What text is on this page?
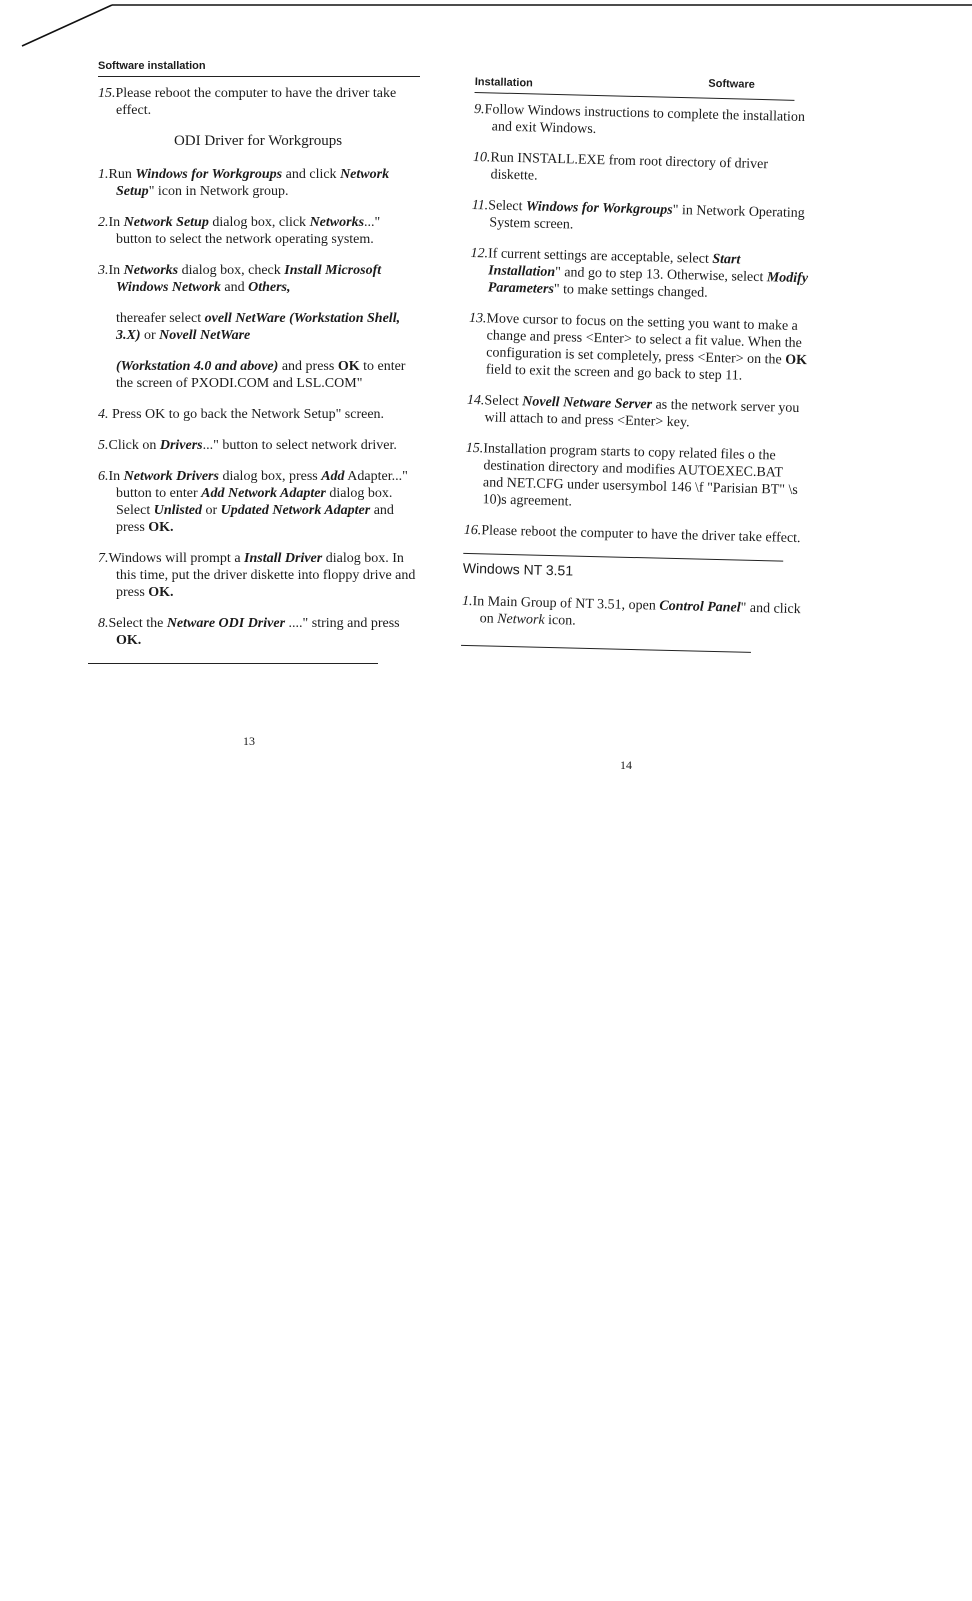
Software installation

15.Please reboot the computer to have the driver take effect.

ODI Driver for Workgroups

1.Run Windows for Workgroups and click Network Setup" icon in Network group.

2.In Network Setup dialog box, click Networks..." button to select the network operating system.

3.In Networks dialog box, check Install Microsoft Windows Network and Others,

thereafer select ovell NetWare (Workstation Shell, 3.X) or Novell NetWare

(Workstation 4.0 and above) and press OK to enter the screen of PXODI.COM and LSL.COM"

4. Press OK to go back the Network Setup" screen.

5.Click on Drivers..." button to select network driver.

6.In Network Drivers dialog box, press Add Adapter..." button to enter Add Network Adapter dialog box. Select Unlisted or Updated Network Adapter and press OK.

7.Windows will prompt a Install Driver dialog box. In this time, put the driver diskette into floppy drive and press OK.

8.Select the Netware ODI Driver ...." string and press OK.

13
Installation	Software

9.Follow Windows instructions to complete the installation and exit Windows.

10.Run INSTALL.EXE from root directory of driver diskette.

11.Select Windows for Workgroups" in Network Operating System screen.

12.If current settings are acceptable, select Start Installation" and go to step 13. Otherwise, select Modify Parameters" to make settings changed.

13.Move cursor to focus on the setting you want to make a change and press <Enter> to select a fit value. When the configuration is set completely, press <Enter> on the OK field to exit the screen and go back to step 11.

14.Select Novell Netware Server as the network server you will attach to and press <Enter> key.

15.Installation program starts to copy related files o the destination directory and modifies AUTOEXEC.BAT and NET.CFG under usersymbol 146 \f "Parisian BT" \s 10)s agreement.

16.Please reboot the computer to have the driver take effect.

Windows NT 3.51

1.In Main Group of NT 3.51, open Control Panel" and click on Network icon.

14
